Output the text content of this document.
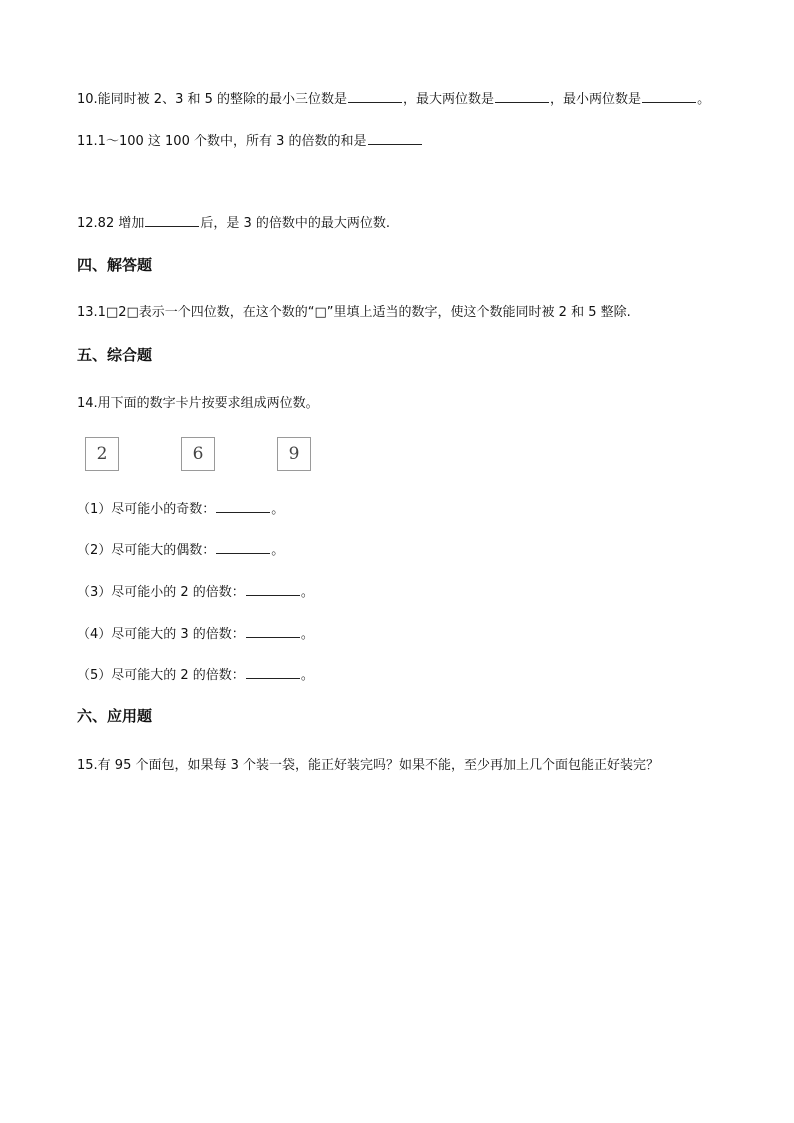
10.能同时被 2、3 和 5 的整除的最小三位数是	，最大两位数是	，最小两位数是	。
11.1～100 这 100 个数中，所有 3 的倍数的和是
12.82 增加	后，是 3 的倍数中的最大两位数.
四、解答题
13.1□2□表示一个四位数，在这个数的“□”里填上适当的数字，使这个数能同时被 2 和 5 整除.
五、综合题
14.用下面的数字卡片按要求组成两位数。
2	6	9
（1）尽可能小的奇数：	。
（2）尽可能大的偶数：	。
（3）尽可能小的 2 的倍数：	。
（4）尽可能大的 3 的倍数：	。
（5）尽可能大的 2 的倍数：	。
六、应用题
15.有 95 个面包，如果每 3 个装一袋，能正好装完吗？如果不能，至少再加上几个面包能正好装完？
